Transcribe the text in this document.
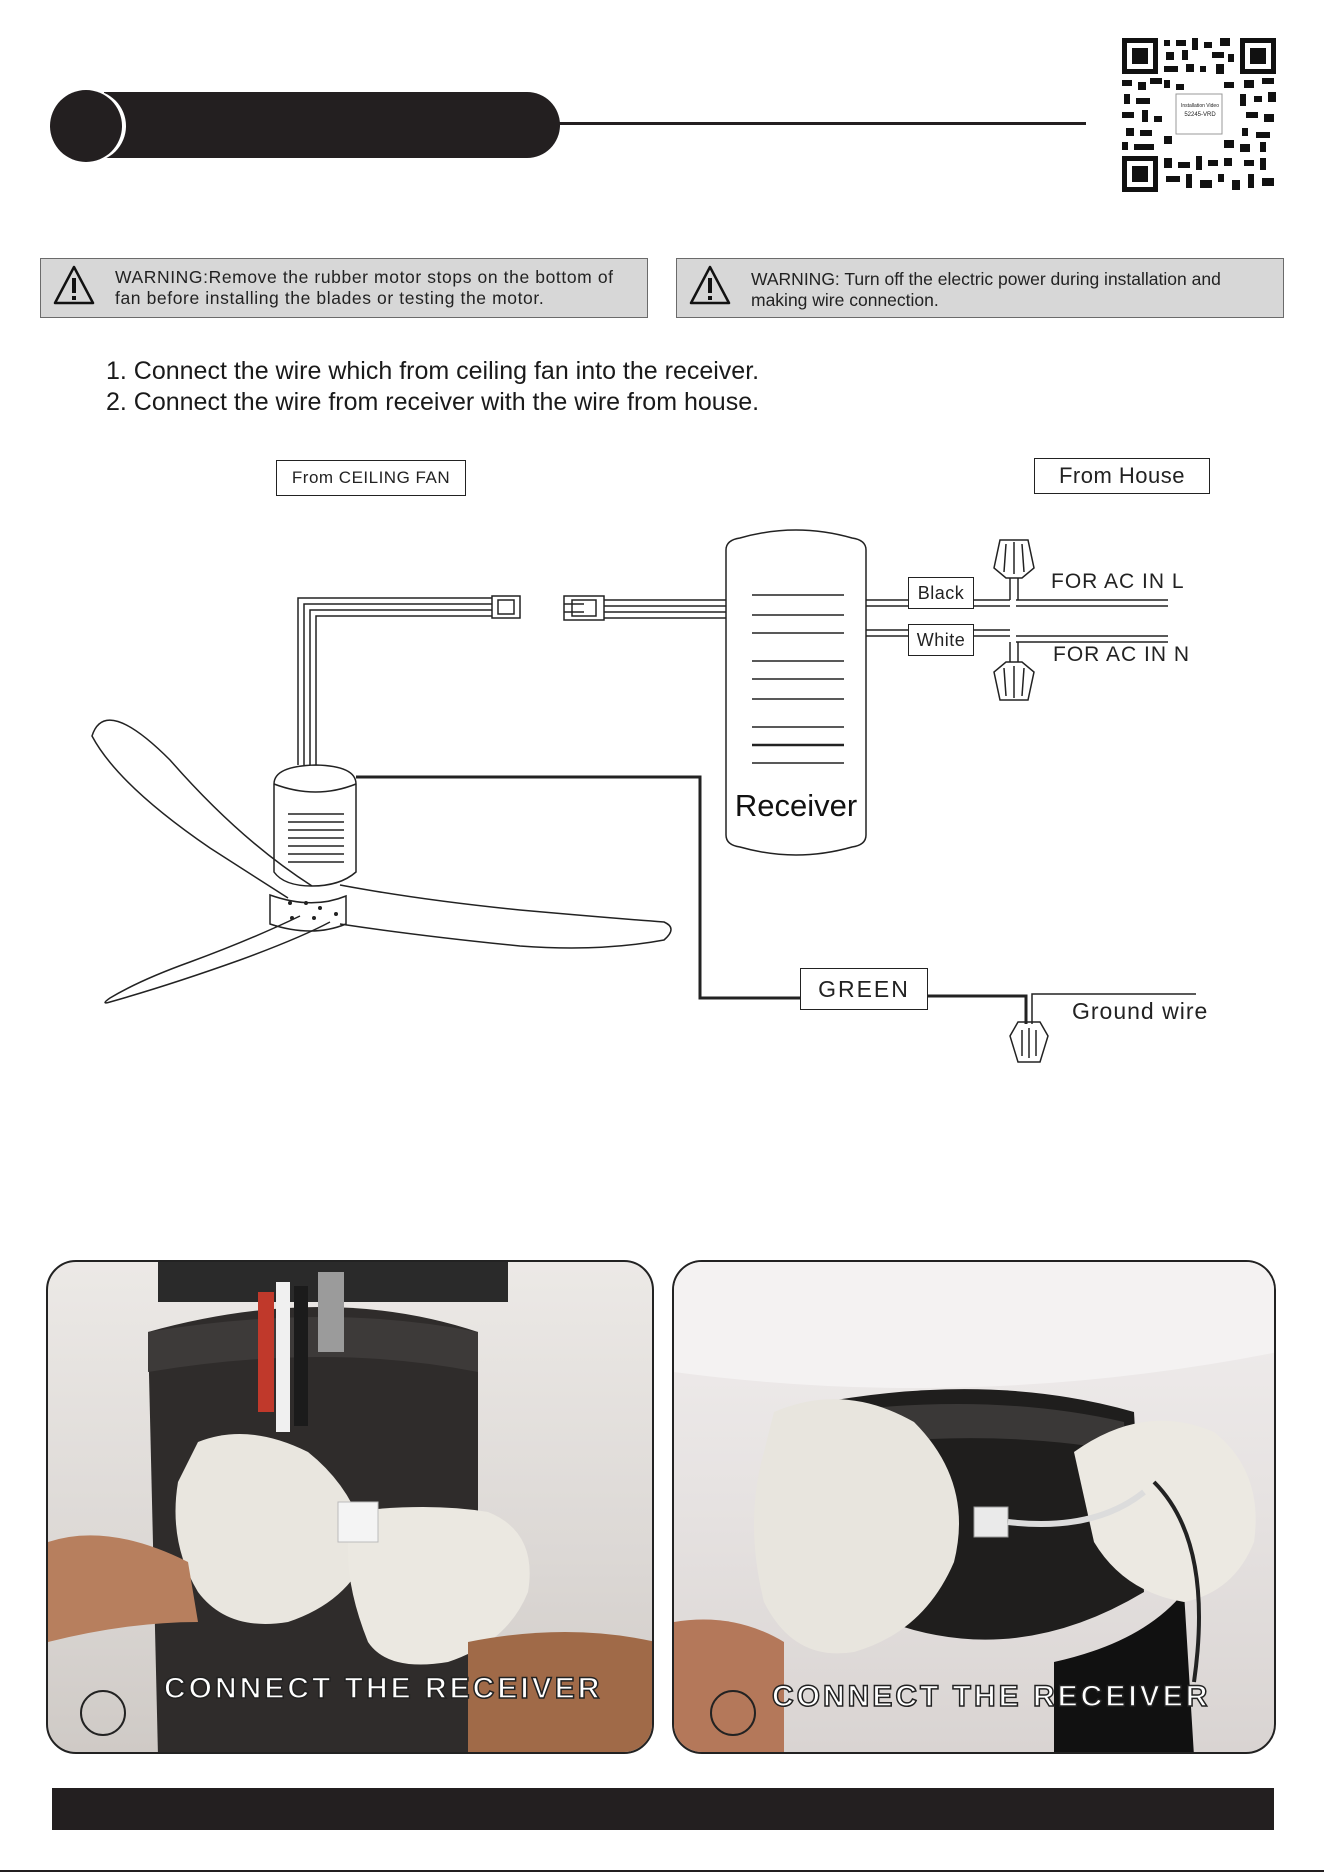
Installation Video
52245-VRD
WARNING:Remove the rubber motor stops on the bottom of fan before installing the blades or testing the motor.
WARNING: Turn off the electric power during installation and making wire connection.
1. Connect the wire which from ceiling fan into the receiver.
2. Connect the wire from receiver with the wire from house.
From CEILING FAN	From House
Black
White
FOR AC IN L
FOR AC IN N
Receiver
GREEN
Ground wire
CONNECT THE RECEIVER	CONNECT THE RECEIVER
